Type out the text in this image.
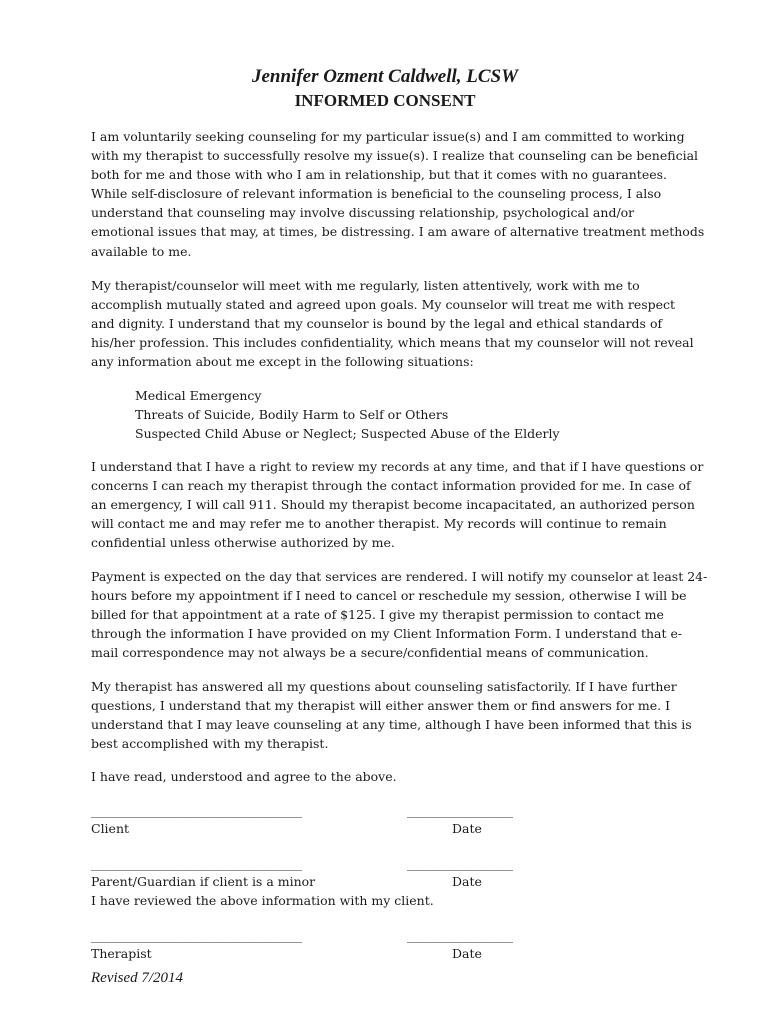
Jennifer Ozment Caldwell, LCSW
INFORMED CONSENT
I am voluntarily seeking counseling for my particular issue(s) and I am committed to working
with my therapist to successfully resolve my issue(s). I realize that counseling can be beneficial
both for me and those with who I am in relationship, but that it comes with no guarantees.
While self-disclosure of relevant information is beneficial to the counseling process, I also
understand that counseling may involve discussing relationship, psychological and/or
emotional issues that may, at times, be distressing. I am aware of alternative treatment methods
available to me.
My therapist/counselor will meet with me regularly, listen attentively, work with me to
accomplish mutually stated and agreed upon goals. My counselor will treat me with respect
and dignity. I understand that my counselor is bound by the legal and ethical standards of
his/her profession. This includes confidentiality, which means that my counselor will not reveal
any information about me except in the following situations:
Medical Emergency
Threats of Suicide, Bodily Harm to Self or Others
Suspected Child Abuse or Neglect; Suspected Abuse of the Elderly
I understand that I have a right to review my records at any time, and that if I have questions or
concerns I can reach my therapist through the contact information provided for me. In case of
an emergency, I will call 911. Should my therapist become incapacitated, an authorized person
will contact me and may refer me to another therapist. My records will continue to remain
confidential unless otherwise authorized by me.
Payment is expected on the day that services are rendered. I will notify my counselor at least 24-
hours before my appointment if I need to cancel or reschedule my session, otherwise I will be
billed for that appointment at a rate of $125. I give my therapist permission to contact me
through the information I have provided on my Client Information Form. I understand that e-
mail correspondence may not always be a secure/confidential means of communication.
My therapist has answered all my questions about counseling satisfactorily. If I have further
questions, I understand that my therapist will either answer them or find answers for me. I
understand that I may leave counseling at any time, although I have been informed that this is
best accomplished with my therapist.
I have read, understood and agree to the above.
________________________________________	____________________
Client	Date
________________________________________	____________________
Parent/Guardian if client is a minor	Date
I have reviewed the above information with my client.
________________________________________	____________________
Therapist	Date
Revised 7/2014
